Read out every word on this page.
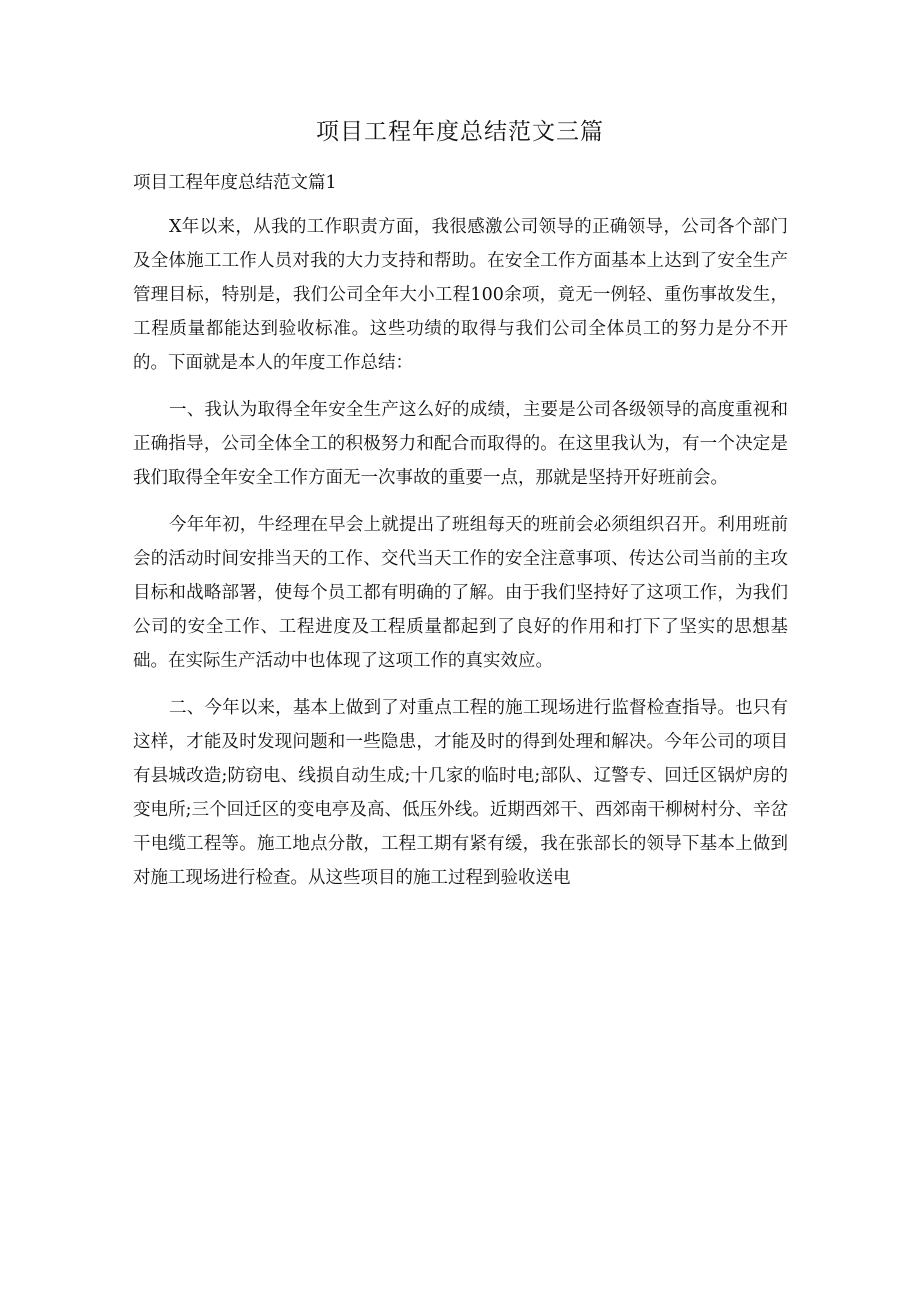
项目工程年度总结范文三篇
项目工程年度总结范文篇1

X年以来，从我的工作职责方面，我很感激公司领导的正确领导，公司各个部门及全体施工工作人员对我的大力支持和帮助。在安全工作方面基本上达到了安全生产管理目标，特别是，我们公司全年大小工程100余项，竟无一例轻、重伤事故发生，工程质量都能达到验收标准。这些功绩的取得与我们公司全体员工的努力是分不开的。下面就是本人的年度工作总结：

一、我认为取得全年安全生产这么好的成绩，主要是公司各级领导的高度重视和正确指导，公司全体全工的积极努力和配合而取得的。在这里我认为，有一个决定是我们取得全年安全工作方面无一次事故的重要一点，那就是坚持开好班前会。

今年年初，牛经理在早会上就提出了班组每天的班前会必须组织召开。利用班前会的活动时间安排当天的工作、交代当天工作的安全注意事项、传达公司当前的主攻目标和战略部署，使每个员工都有明确的了解。由于我们坚持好了这项工作，为我们公司的安全工作、工程进度及工程质量都起到了良好的作用和打下了坚实的思想基础。在实际生产活动中也体现了这项工作的真实效应。

二、今年以来，基本上做到了对重点工程的施工现场进行监督检查指导。也只有这样，才能及时发现问题和一些隐患，才能及时的得到处理和解决。今年公司的项目有县城改造;防窃电、线损自动生成;十几家的临时电;部队、辽警专、回迁区锅炉房的变电所;三个回迁区的变电亭及高、低压外线。近期西郊干、西郊南干柳树村分、辛岔干电缆工程等。施工地点分散，工程工期有紧有缓，我在张部长的领导下基本上做到对施工现场进行检查。从这些项目的施工过程到验收送电
